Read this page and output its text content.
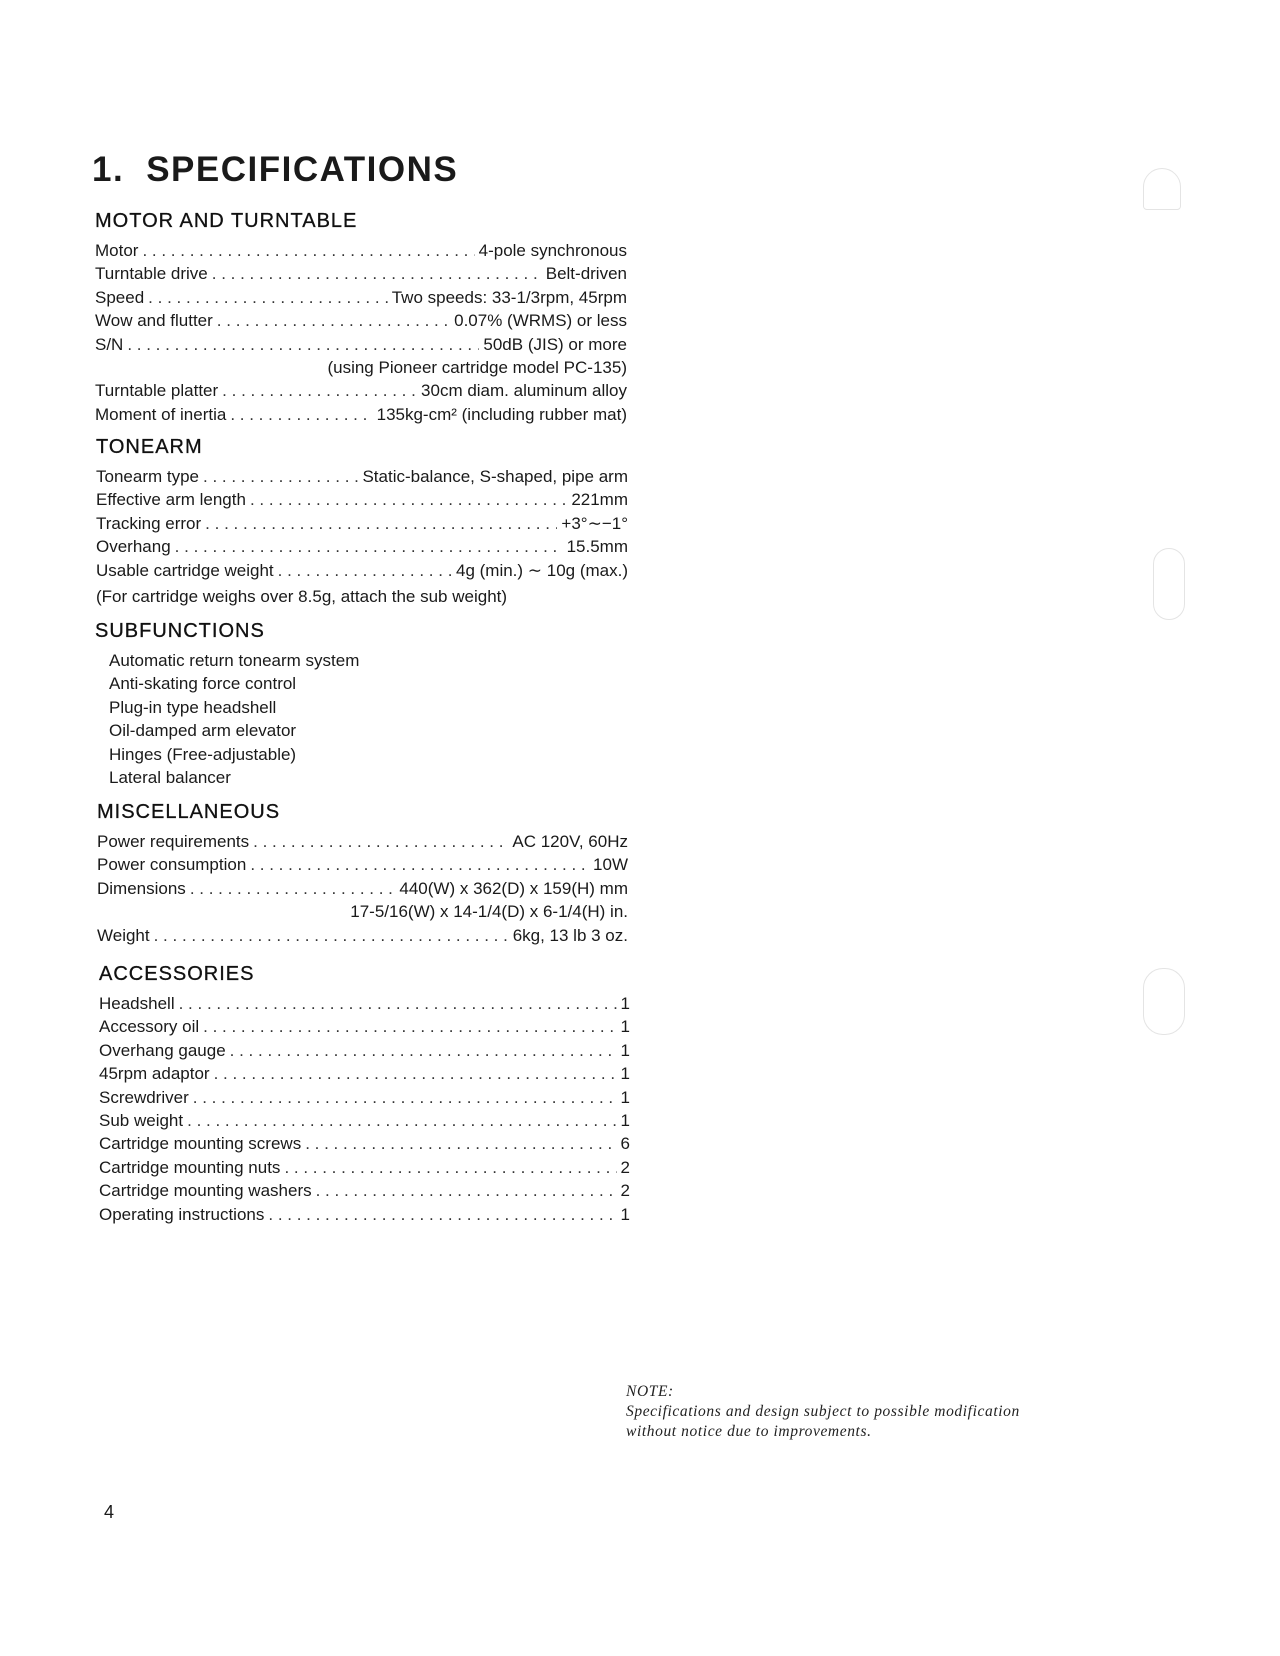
1. SPECIFICATIONS
MOTOR AND TURNTABLE
Motor . . .	4-pole synchronous
Turntable drive . . .	Belt-driven
Speed . . .	Two speeds: 33-1/3rpm, 45rpm
Wow and flutter . . .	0.07% (WRMS) or less
S/N . . .	50dB (JIS) or more
(using Pioneer cartridge model PC-135)
Turntable platter . . .	30cm diam. aluminum alloy
Moment of inertia . . .	135kg-cm² (including rubber mat)
TONEARM
Tonearm type . . .	Static-balance, S-shaped, pipe arm
Effective arm length . . .	221mm
Tracking error . . .	+3°∼−1°
Overhang . . .	15.5mm
Usable cartridge weight . . .	4g (min.) ∼ 10g (max.)
(For cartridge weighs over 8.5g, attach the sub weight)
SUBFUNCTIONS
Automatic return tonearm system
Anti-skating force control
Plug-in type headshell
Oil-damped arm elevator
Hinges (Free-adjustable)
Lateral balancer
MISCELLANEOUS
Power requirements . . .	AC 120V, 60Hz
Power consumption . . .	10W
Dimensions . . .	440(W) x 362(D) x 159(H) mm
17-5/16(W) x 14-1/4(D) x 6-1/4(H) in.
Weight . . .	6kg, 13 lb 3 oz.
ACCESSORIES
Headshell . . .	1
Accessory oil . . .	1
Overhang gauge . . .	1
45rpm adaptor . . .	1
Screwdriver . . .	1
Sub weight . . .	1
Cartridge mounting screws . . .	6
Cartridge mounting nuts . . .	2
Cartridge mounting washers . . .	2
Operating instructions . . .	1
NOTE:
Specifications and design subject to possible modification
without notice due to improvements.
4
